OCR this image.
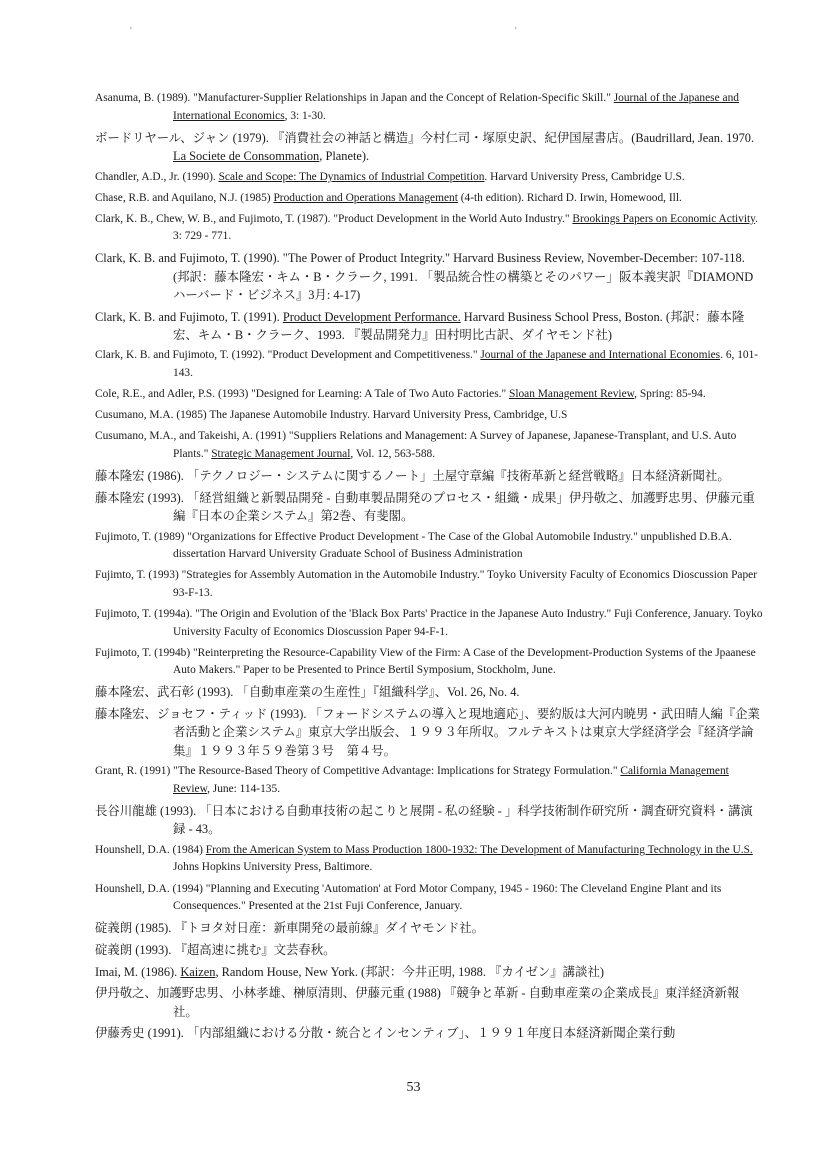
'	'

Asanuma, B. (1989). "Manufacturer-Supplier Relationships in Japan and the Concept of Relation-Specific Skill." Journal of the Japanese and International Economics, 3: 1-30.

ボードリヤール、ジャン (1979). 『消費社会の神話と構造』今村仁司・塚原史訳、紀伊国屋書店。(Baudrillard, Jean. 1970. La Societe de Consommation, Planete).

Chandler, A.D., Jr. (1990). Scale and Scope: The Dynamics of Industrial Competition. Harvard University Press, Cambridge U.S.

Chase, R.B. and Aquilano, N.J. (1985) Production and Operations Management (4-th edition). Richard D. Irwin, Homewood, Ill.

Clark, K. B., Chew, W. B., and Fujimoto, T. (1987). "Product Development in the World Auto Industry." Brookings Papers on Economic Activity. 3: 729 - 771.

Clark, K. B. and Fujimoto, T. (1990). "The Power of Product Integrity." Harvard Business Review, November-December: 107-118. (邦訳：藤本隆宏・キム・B・クラーク, 1991. 「製品統合性の構築とそのパワー」阪本義実訳『DIAMONDハーバード・ビジネス』3月: 4-17)

Clark, K. B. and Fujimoto, T. (1991). Product Development Performance. Harvard Business School Press, Boston. (邦訳：藤本隆宏、キム・B・クラーク、1993. 『製品開発力』田村明比古訳、ダイヤモンド社)

Clark, K. B. and Fujimoto, T. (1992). "Product Development and Competitiveness." Journal of the Japanese and International Economies. 6, 101-143.

Cole, R.E., and Adler, P.S. (1993) "Designed for Learning: A Tale of Two Auto Factories." Sloan Management Review, Spring: 85-94.

Cusumano, M.A. (1985) The Japanese Automobile Industry. Harvard University Press, Cambridge, U.S

Cusumano, M.A., and Takeishi, A. (1991) "Suppliers Relations and Management: A Survey of Japanese, Japanese-Transplant, and U.S. Auto Plants." Strategic Management Journal, Vol. 12, 563-588.

藤本隆宏 (1986). 「テクノロジー・システムに関するノート」土屋守章編『技術革新と経営戦略』日本経済新聞社。

藤本隆宏 (1993). 「経営組織と新製品開発 - 自動車製品開発のプロセス・組織・成果」伊丹敬之、加護野忠男、伊藤元重編『日本の企業システム』第2巻、有斐閣。

Fujimoto, T. (1989) "Organizations for Effective Product Development - The Case of the Global Automobile Industry." unpublished D.B.A. dissertation Harvard University Graduate School of Business Administration

Fujimto, T. (1993) "Strategies for Assembly Automation in the Automobile Industry." Toyko University Faculty of Economics Dioscussion Paper 93-F-13.

Fujimoto, T. (1994a). "The Origin and Evolution of the 'Black Box Parts' Practice in the Japanese Auto Industry." Fuji Conference, January. Toyko University Faculty of Economics Dioscussion Paper 94-F-1.

Fujimoto, T. (1994b) "Reinterpreting the Resource-Capability View of the Firm: A Case of the Development-Production Systems of the Jpaanese Auto Makers." Paper to be Presented to Prince Bertil Symposium, Stockholm, June.

藤本隆宏、武石彰 (1993). 「自動車産業の生産性」『組織科学』、Vol. 26, No. 4.

藤本隆宏、ジョセフ・ティッド (1993). 「フォードシステムの導入と現地適応」、要約版は大河内暁男・武田晴人編『企業者活動と企業システム』東京大学出版会、１９９３年所収。フルテキストは東京大学経済学会『経済学論集』１９９３年５９巻第３号　第４号。

Grant, R. (1991) "The Resource-Based Theory of Competitive Advantage: Implications for Strategy Formulation." California Management Review, June: 114-135.

長谷川龍雄 (1993). 「日本における自動車技術の起こりと展開 - 私の経験 - 」科学技術制作研究所・調査研究資料・講演録 - 43。

Hounshell, D.A. (1984) From the American System to Mass Production 1800-1932: The Development of Manufacturing Technology in the U.S. Johns Hopkins University Press, Baltimore.

Hounshell, D.A. (1994) "Planning and Executing 'Automation' at Ford Motor Company, 1945 - 1960: The Cleveland Engine Plant and its Consequences." Presented at the 21st Fuji Conference, January.

碇義朗 (1985). 『トヨタ対日産：新車開発の最前線』ダイヤモンド社。

碇義朗 (1993). 『超高速に挑む』文芸春秋。

Imai, M. (1986). Kaizen, Random House, New York. (邦訳：今井正明, 1988. 『カイゼン』講談社)

伊丹敬之、加護野忠男、小林孝雄、榊原清則、伊藤元重 (1988) 『競争と革新 - 自動車産業の企業成長』東洋経済新報社。

伊藤秀史 (1991). 「内部組織における分散・統合とインセンティブ」、１９９１年度日本経済新聞企業行動

53
